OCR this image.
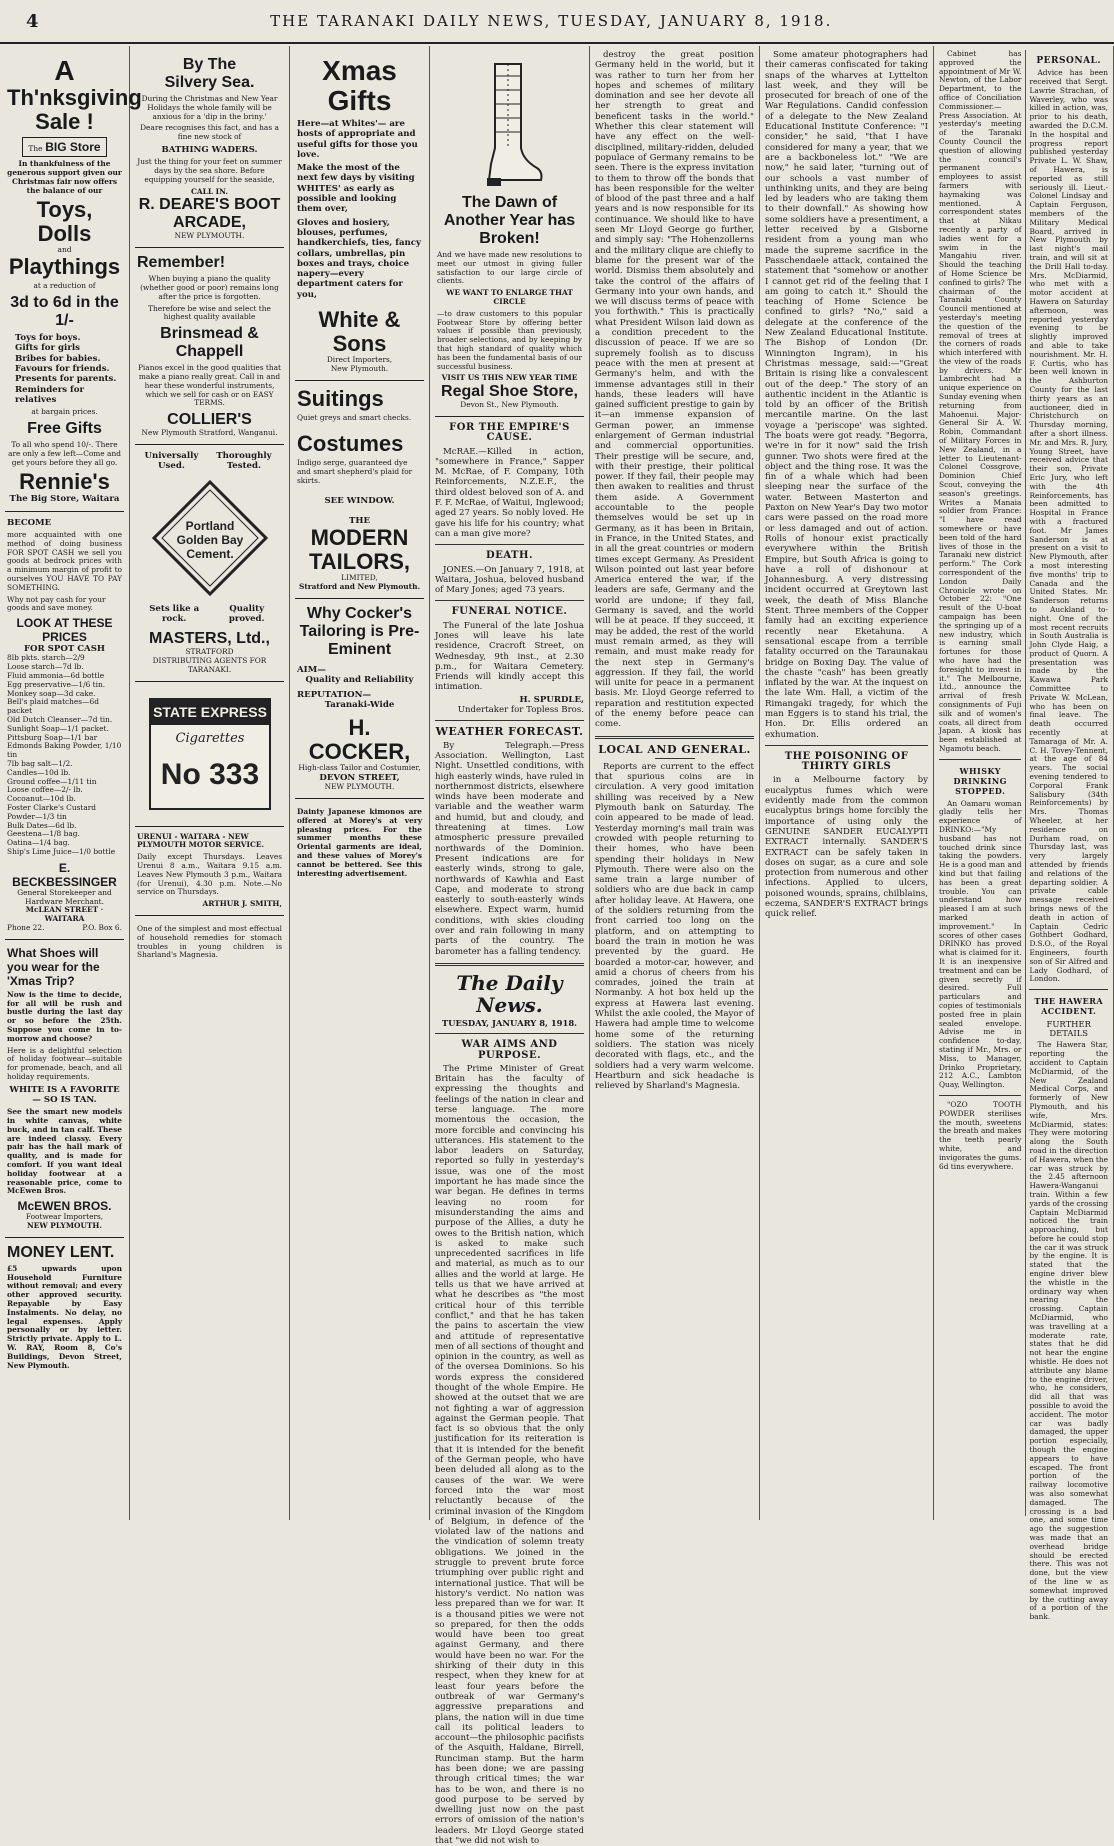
4	THE TARANAKI DAILY NEWS, TUESDAY, JANUARY 8, 1918.
A
Th'nksgiving
Sale !

The BIG Store

In thankfulness of the generous support given our Christmas fair now offers the balance of our

Toys, Dolls
and
Playthings

at a reduction of

3d to 6d in the 1/-
Toys for boys.
Gifts for girls
Bribes for babies.
Favours for friends.
Presents for parents.
Reminders for relatives

at bargain prices.

Free Gifts

To all who spend 10/-. There are only a few left—Come and get yours before they all go.

Rennie's
The Big Store, Waitara
BECOME

more acquainted with one method of doing business FOR SPOT CASH we sell you goods at bedrock prices with a minimum margin of profit to ourselves YOU HAVE TO PAY SOMETHING.

Why not pay cash for your goods and save money.

LOOK AT THESE PRICES
FOR SPOT CASH
8lb pkts. starch—2/9
Loose starch—7d lb.
Fluid ammonia—6d bottle
Egg preservative—1/6 tin.
Monkey soap—3d cake.
Bell's plaid matches—6d packet
Old Dutch Cleanser—7d tin.
Sunlight Soap—1/1 packet.
Pittsburg Soap—1/1 bar
Edmonds Baking Powder, 1/10 tin
7lb bag salt—1/2.
Candles—10d lb.
Ground coffee—1/11 tin
Loose coffee—2/- lb.
Cocoanut—10d lb.
Foster Clarke's Custard Powder—1/3 tin
Bulk Dates—6d lb.
Geestena—1/8 bag.
Oatina—1/4 bag.
Ship's Lime Juice—1/0 bottle
E. BECKBESSINGER
General Storekeeper and Hardware Merchant.
McLEAN STREET · WAITARA
Phone 22.	P.O. Box 6.
What Shoes will you wear for the 'Xmas Trip?

Now is the time to decide, for all will be rush and bustle during the last day or so before the 25th. Suppose you come in to-morrow and choose?

Here is a delightful selection of holiday footwear—suitable for promenade, beach, and all holiday requirements.

WHITE IS A FAVORITE — SO IS TAN.

See the smart new models in white canvas, white buck, and in tan calf. These are indeed classy. Every pair has the hall mark of quality, and is made for comfort. If you want ideal holiday footwear at a reasonable price, come to McEwen Bros.

McEWEN BROS.
Footwear Importers,
NEW PLYMOUTH.
MONEY LENT.

£5 upwards upon Household Furniture without removal; and every other approved security. Repayable by Easy Instalments. No delay, no legal expenses. Apply personally or by letter. Strictly private. Apply to L. W. RAY, Room 8, Co's Buildings, Devon Street, New Plymouth.

By The
Silvery Sea.

During the Christmas and New Year Holidays the whole family will be anxious for a 'dip in the briny.'

Deare recognises this fact, and has a fine new stock of

BATHING WADERS.

Just the thing for your feet on summer days by the sea shore. Before equipping yourself for the seaside,

CALL IN.
R. DEARE'S BOOT ARCADE,
NEW PLYMOUTH.
Remember!

When buying a piano the quality (whether good or poor) remains long after the price is forgotten.

Therefore be wise and select the highest quality available

Brinsmead & Chappell

Pianos excel in the good qualities that make a piano really great. Call in and hear these wonderful instruments, which we sell for cash or on EASY TERMS.

COLLIER'S
New Plymouth Stratford, Wanganui.
Universally Used.
Thoroughly Tested.
Portland
Golden Bay
Cement.
Sets like a rock.
Quality proved.
MASTERS, Ltd.,
STRATFORD
DISTRIBUTING AGENTS FOR TARANAKI.
STATE EXPRESS
Cigarettes
No 333
URENUI - WAITARA - NEW PLYMOUTH MOTOR SERVICE.

Daily except Thursdays. Leaves Urenui 8 a.m., Waitara 9.15 a.m. Leaves New Plymouth 3 p.m., Waitara (for Urenui), 4.30 p.m. Note.—No service on Thursdays.

ARTHUR J. SMITH,

One of the simplest and most effectual of household remedies for stomach troubles in young children is Sharland's Magnesia.

Xmas Gifts

Here—at Whites'— are hosts of appropriate and useful gifts for those you love.

Make the most of the next few days by visiting WHITES' as early as possible and looking them over,

Gloves and hosiery, blouses, perfumes, handkerchiefs, ties, fancy collars, umbrellas, pin boxes and trays, choice napery—every department caters for you,

White & Sons
Direct Importers,
New Plymouth.
Suitings

Quiet greys and smart checks.

Costumes

Indigo serge, guaranteed dye and smart shepherd's plaid for skirts.

SEE WINDOW.
THE
MODERN TAILORS,
LIMITED,
Stratford and New Plymouth.
Why Cocker's Tailoring is Pre-Eminent
AIM—
Quality and Reliability
REPUTATION—
Taranaki-Wide
H. COCKER,
High-class Tailor and Costumier,
DEVON STREET,
NEW PLYMOUTH.

Dainty Japanese kimonos are offered at Morey's at very pleasing prices. For the summer months these Oriental garments are ideal, and these values of Morey's cannot be bettered. See this interesting advertisement.

The Dawn of Another Year has Broken!

And we have made new resolutions to meet our utmost in giving fuller satisfaction to our large circle of clients.

WE WANT TO ENLARGE THAT CIRCLE

—to draw customers to this popular Footwear Store by offering better values if possible than previously, broader selections, and by keeping by that high standard of quality which has been the fundamental basis of our successful business.

VISIT US THIS NEW YEAR TIME
Regal Shoe Store,
Devon St., New Plymouth.
FOR THE EMPIRE'S CAUSE.

McRAE.—Killed in action, "somewhere in France," Sapper M. McRae, of F. Company, 10th Reinforcements, N.Z.E.F., the third oldest beloved son of A. and F. F. McRae, of Waitui, Inglewood; aged 27 years. So nobly loved. He gave his life for his country; what can a man give more?

DEATH.

JONES.—On January 7, 1918, at Waitara, Joshua, beloved husband of Mary Jones; aged 73 years.

FUNERAL NOTICE.

The Funeral of the late Joshua Jones will leave his late residence, Cracroft Street, on Wednesday, 9th inst., at 2.30 p.m., for Waitara Cemetery. Friends will kindly accept this intimation.

H. SPURDLE,
Undertaker for Topless Bros.
WEATHER FORECAST.

By Telegraph.—Press Association. Wellington, Last Night. Unsettled conditions, with high easterly winds, have ruled in northernmost districts, elsewhere winds have been moderate and variable and the weather warm and humid, but and cloudy, and threatening at times. Low atmospheric pressure prevailed northwards of the Dominion. Present indications are for easterly winds, strong to gale, northwards of Kawhia and East Cape, and moderate to strong easterly to south-easterly winds elsewhere. Expect warm, humid conditions, with skies clouding over and rain following in many parts of the country. The barometer has a falling tendency.

The Daily News.
TUESDAY, JANUARY 8, 1918.
WAR AIMS AND PURPOSE.

The Prime Minister of Great Britain has the faculty of expressing the thoughts and feelings of the nation in clear and terse language. The more momentous the occasion, the more forcible and convincing his utterances. His statement to the labor leaders on Saturday, reported so fully in yesterday's issue, was one of the most important he has made since the war began. He defines in terms leaving no room for misunderstanding the aims and purpose of the Allies, a duty he owes to the British nation, which is asked to make such unprecedented sacrifices in life and material, as much as to our allies and the world at large. He tells us that we have arrived at what he describes as "the most critical hour of this terrible conflict," and that he has taken the pains to ascertain the view and attitude of representative men of all sections of thought and opinion in the country, as well as of the oversea Dominions. So his words express the considered thought of the whole Empire. He showed at the outset that we are not fighting a war of aggression against the German people. That fact is so obvious that the only justification for its reiteration is that it is intended for the benefit of the German people, who have been deluded all along as to the causes of the war. We were forced into the war most reluctantly because of the criminal invasion of the Kingdom of Belgium, in defence of the violated law of the nations and the vindication of solemn treaty obligations. We joined in the struggle to prevent brute force triumphing over public right and international justice. That will be history's verdict. No nation was less prepared than we for war. It is a thousand pities we were not so prepared, for then the odds would have been too great against Germany, and there would have been no war. For the shirking of their duty in this respect, when they knew for at least four years before the outbreak of war Germany's aggressive preparations and plans, the nation will in due time call its political leaders to account—the philosophic pacifists of the Asquith, Haldane, Birrell, Runciman stamp. But the harm has been done; we are passing through critical times; the war has to be won, and there is no good purpose to be served by dwelling just now on the past errors of omission of the nation's leaders. Mr Lloyd George stated that "we did not wish to

destroy the great position Germany held in the world, but it was rather to turn her from her hopes and schemes of military domination and see her devote all her strength to great and beneficent tasks in the world." Whether this clear statement will have any effect on the well-disciplined, military-ridden, deluded populace of Germany remains to be seen. There is the express invitation to them to throw off the bonds that has been responsible for the welter of blood of the past three and a half years and is now responsible for its continuance. We should like to have seen Mr Lloyd George go further, and simply say: "The Hohenzollerns and the military clique are chiefly to blame for the present war of the world. Dismiss them absolutely and take the control of the affairs of Germany into your own hands, and we will discuss terms of peace with you forthwith." This is practically what President Wilson laid down as a condition precedent to the discussion of peace. If we are so supremely foolish as to discuss peace with the men at present at Germany's helm, and with the immense advantages still in their hands, these leaders will have gained sufficient prestige to gain by it—an immense expansion of German power, an immense enlargement of German industrial and commercial opportunities. Their prestige will be secure, and, with their prestige, their political power. If they fail, their people may then awaken to realities and thrust them aside. A Government accountable to the people themselves would be set up in Germany, as it has been in Britain, in France, in the United States, and in all the great countries or modern times except Germany. As President Wilson pointed out last year before America entered the war, if the leaders are safe, Germany and the world are undone; if they fail, Germany is saved, and the world will be at peace. If they succeed, it may be added, the rest of the world must remain armed, as they will remain, and must make ready for the next step in Germany's aggression. If they fail, the world will unite for peace in a permanent basis. Mr. Lloyd George referred to reparation and restitution expected of the enemy before peace can come.

LOCAL AND GENERAL.

Reports are current to the effect that spurious coins are in circulation. A very good imitation shilling was received by a New Plymouth bank on Saturday. The coin appeared to be made of lead. Yesterday morning's mail train was crowded with people returning to their homes, who have been spending their holidays in New Plymouth. There were also on the same train a large number of soldiers who are due back in camp after holiday leave. At Hawera, one of the soldiers returning from the front carried too long on the platform, and on attempting to board the train in motion he was prevented by the guard. He boarded a motor-car, however, and amid a chorus of cheers from his comrades, joined the train at Normanby. A hot box held up the express at Hawera last evening. Whilst the axle cooled, the Mayor of Hawera had ample time to welcome home some of the returning soldiers. The station was nicely decorated with flags, etc., and the soldiers had a very warm welcome. Heartburn and sick headache is relieved by Sharland's Magnesia.

Some amateur photographers had their cameras confiscated for taking snaps of the wharves at Lyttelton last week, and they will be prosecuted for breach of one of the War Regulations. Candid confession of a delegate to the New Zealand Educational Institute Conference: "I consider," he said, "that I have considered for many a year, that we are a backboneless lot." "We are now," he said later, "turning out of our schools a vast number of unthinking units, and they are being led by leaders who are taking them to their downfall." As showing how some soldiers have a presentiment, a letter received by a Gisborne resident from a young man who made the supreme sacrifice in the Passchendaele attack, contained the statement that "somehow or another I cannot get rid of the feeling that I am going to catch it." Should the teaching of Home Science be confined to girls? "No," said a delegate at the conference of the New Zealand Educational Institute. The Bishop of London (Dr. Winnington Ingram), in his Christmas message, said:—"Great Britain is rising like a convalescent out of the deep." The story of an authentic incident in the Atlantic is told by an officer of the British mercantile marine. On the last voyage a 'periscope' was sighted. The boats were got ready. "Begorra, we're in for it now" said the Irish gunner. Two shots were fired at the object and the thing rose. It was the fin of a whale which had been sleeping near the surface of the water. Between Masterton and Paxton on New Year's Day two motor cars were passed on the road more or less damaged and out of action. Rolls of honour exist practically everywhere within the British Empire, but South Africa is going to have a roll of dishonour at Johannesburg. A very distressing incident occurred at Greytown last week, the death of Miss Blanche Stent. Three members of the Copper family had an exciting experience recently near Eketahuna. A sensational escape from a terrible fatality occurred on the Taraunakau bridge on Boxing Day. The value of the chaste "cash" has been greatly inflated by the war. At the inquest on the late Wm. Hall, a victim of the Rimangaki tragedy, for which the man Eggers is to stand his trial, the Hon. Dr. Ellis ordered an exhumation.

THE POISONING OF THIRTY GIRLS

in a Melbourne factory by eucalyptus fumes which were evidently made from the common eucalyptus brings home forcibly the importance of using only the GENUINE SANDER EUCALYPTI EXTRACT internally. SANDER'S EXTRACT can be safely taken in doses on sugar, as a cure and sole protection from numerous and other infections. Applied to ulcers, poisoned wounds, sprains, chilblains, eczema, SANDER'S EXTRACT brings quick relief.

Cabinet has approved the appointment of Mr W. Newton, of the Labor Department, to the office of Conciliation Commissioner.—Press Association. At yesterday's meeting of the Taranaki County Council the question of allowing the council's permanent employees to assist farmers with haymaking was mentioned. A correspondent states that at Nikau recently a party of ladies went for a swim in the Mangahiu river. Should the teaching of Home Science be confined to girls? The chairman of the Taranaki County Council mentioned at yesterday's meeting the question of the removal of trees at the corners of roads which interfered with the view of the roads by drivers. Mr Lambrecht had a unique experience on Sunday evening when returning from Mahoenui. Major-General Sir A. W. Robin, Commandant of Military Forces in New Zealand, in a letter to Lieutenant-Colonel Cossgrove, Dominion Chief Scout, conveying the season's greetings. Writes a Manaia soldier from France: "I have read somewhere or have been told of the hard lives of those in the Taranaki new district perform." The Cork correspondent of the London Daily Chronicle wrote on October 22: "One result of the U-boat campaign has been the springing up of a new industry, which is earning small fortunes for those who have had the foresight to invest in it." The Melbourne, Ltd., announce the arrival of fresh consignments of Fuji silk and of women's coats, all direct from Japan. A kiosk has been established at Ngamotu beach.

WHISKY DRINKING STOPPED.

An Oamaru woman gladly tells her experience of DRINKO:—"My husband has not touched drink since taking the powders. He is a good man and kind but that failing has been a great trouble. You can understand how pleased I am at such marked improvement." In scores of other cases DRINKO has proved what is claimed for it. It is an inexpensive treatment and can be given secretly if desired. Full particulars and copies of testimonials posted free in plain sealed envelope. Advise me in confidence to-day, stating if Mr., Mrs. or Miss, to Manager, Drinko Proprietary, 212 A.C., Lambton Quay, Wellington.

"OZO TOOTH POWDER sterilises the mouth, sweetens the breath and makes the teeth pearly white, and invigorates the gums. 6d tins everywhere.

PERSONAL.

Advice has been received that Sergt. Lawrie Strachan, of Waverley, who was killed in action, was, prior to his death, awarded the D.C.M. In the hospital and progress report published yesterday Private L. W. Shaw, of Hawera, is reported as still seriously ill. Lieut.-Colonel Lindsay and Captain Ferguson, members of the Military Medical Board, arrived in New Plymouth by last night's mail train, and will sit at the Drill Hall to-day. Mrs. McDiarmid, who met with a motor accident at Hawera on Saturday afternoon, was reported yesterday evening to be slightly improved and able to take nourishment. Mr. H. F. Curtis, who has been well known in the Ashburton County for the last thirty years as an auctioneer, died in Christchurch on Thursday morning, after a short illness. Mr. and Mrs. R. Jury, Young Street, have received advice that their son, Private Eric Jury, who left with the 4th Reinforcements, has been admitted to Hospital in France with a fractured foot. Mr James Sanderson is at present on a visit to New Plymouth, after a most interesting five months' trip to Canada and the United States. Mr. Sanderson returns to Auckland to-night. One of the most recent recruits in South Australia is John Clyde Haig, a product of Quorn. A presentation was made by the Kawawa Park Committee to Private W. McLean, who has been on final leave. The death occurred recently at Tamaraga of Mr. A. C. H. Tovey-Tennent, at the age of 84 years. The social evening tendered to Corporal Frank Salisbury (34th Reinforcements) by Mrs. Thomas Wheeler, at her residence on Durham road, on Thursday last, was very largely attended by friends and relations of the departing soldier. A private cable message received brings news of the death in action of Captain Cedric Gothbert Godhard, D.S.O., of the Royal Engineers, fourth son of Sir Alfred and Lady Godhard, of London.

THE HAWERA ACCIDENT.
FURTHER DETAILS

The Hawera Star, reporting the accident to Captain McDiarmid, of the New Zealand Medical Corps, and formerly of New Plymouth, and his wife, Mrs. McDiarmid, states: They were motoring along the South road in the direction of Hawera, when the car was struck by the 2.45 afternoon Hawera-Wanganui train. Within a few yards of the crossing Captain McDiarmid noticed the train approaching, but before he could stop the car it was struck by the engine. It is stated that the engine driver blew the whistle in the ordinary way when nearing the crossing. Captain McDiarmid, who was travelling at a moderate rate, states that he did not hear the engine whistle. He does not attribute any blame to the engine driver, who, he considers, did all that was possible to avoid the accident. The motor car was badly damaged, the upper portion especially, though the engine appears to have escaped. The front portion of the railway locomotive was also somewhat damaged. The crossing is a bad one, and some time ago the suggestion was made that an overhead bridge should be erected there. This was not done, but the view of the line w as somewhat improved by the cutting away of a portion of the bank.
